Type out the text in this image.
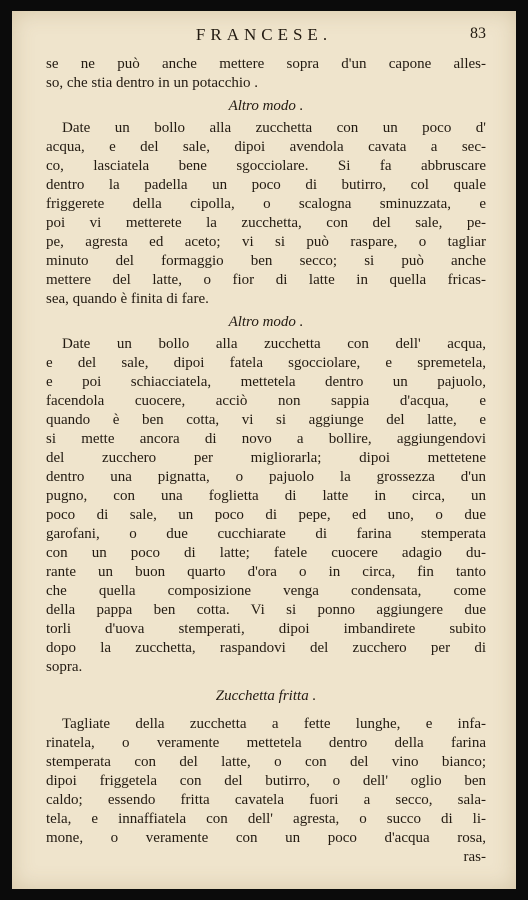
FRANCESE.	83
se ne può anche mettere sopra d'un capone alles-
so, che stia dentro in un potacchio .
Altro modo .
Date un bollo alla zucchetta con un poco d'
acqua, e del sale, dipoi avendola cavata a sec-
co, lasciatela bene sgocciolare. Si fa abbruscare
dentro la padella un poco di butirro, col quale
friggerete della cipolla, o scalogna sminuzzata, e
poi vi metterete la zucchetta, con del sale, pe-
pe, agresta ed aceto; vi si può raspare, o tagliar
minuto del formaggio ben secco; si può anche
mettere del latte, o fior di latte in quella fricas-
sea, quando è finita di fare.
Altro modo .
Date un bollo alla zucchetta con dell' acqua,
e del sale, dipoi fatela sgocciolare, e spremetela,
e poi schiacciatela, mettetela dentro un pajuolo,
facendola cuocere, acciò non sappia d'acqua, e
quando è ben cotta, vi si aggiunge del latte, e
si mette ancora di novo a bollire, aggiungendovi
del zucchero per migliorarla; dipoi mettetene
dentro una pignatta, o pajuolo la grossezza d'un
pugno, con una foglietta di latte in circa, un
poco di sale, un poco di pepe, ed uno, o due
garofani, o due cucchiarate di farina stemperata
con un poco di latte; fatele cuocere adagio du-
rante un buon quarto d'ora o in circa, fin tanto
che quella composizione venga condensata, come
della pappa ben cotta. Vi si ponno aggiungere due
torli d'uova stemperati, dipoi imbandirete subito
dopo la zucchetta, raspandovi del zucchero per di
sopra.
Zucchetta fritta .
Tagliate della zucchetta a fette lunghe, e infa-
rinatela, o veramente mettetela dentro della farina
stemperata con del latte, o con del vino bianco;
dipoi friggetela con del butirro, o dell' oglio ben
caldo; essendo fritta cavatela fuori a secco, sala-
tela, e innaffiatela con dell' agresta, o succo di li-
mone, o veramente con un poco d'acqua rosa,
ras-
